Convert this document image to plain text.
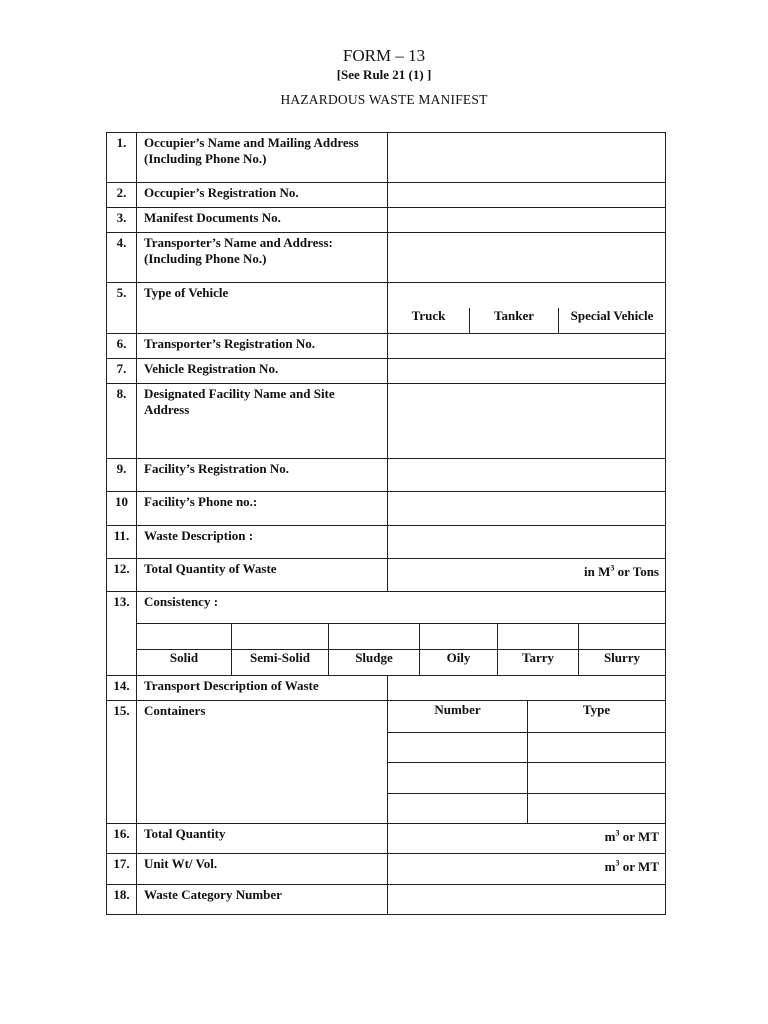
FORM – 13
[See Rule 21 (1) ]
HAZARDOUS WASTE MANIFEST
1.	Occupier’s Name and Mailing Address
(Including Phone No.)

2.	Occupier’s Registration No.	
3.	Manifest Documents No.	
4.	Transporter’s Name and Address:
(Including Phone No.)

5.	Type of Vehicle	
Truck	Tanker	Special Vehicle

6.	Transporter’s Registration No.	
7.	Vehicle Registration No.	
8.	Designated Facility Name and Site
Address

9.	Facility’s Registration No.	
10	Facility’s Phone no.:	
11.	Waste Description :	
12.	Total Quantity of Waste	in $M^3$ or Tons
13.	Consistency :

Solid	Semi-Solid	Sludge	Oily	Tarry	Slurry

14.	Transport Description of Waste	
15.	Containers		Number	Type

16.	Total Quantity	$m^3$ or MT
17.	Unit Wt/ Vol.	$m^3$ or MT
18.	Waste Category Number	
